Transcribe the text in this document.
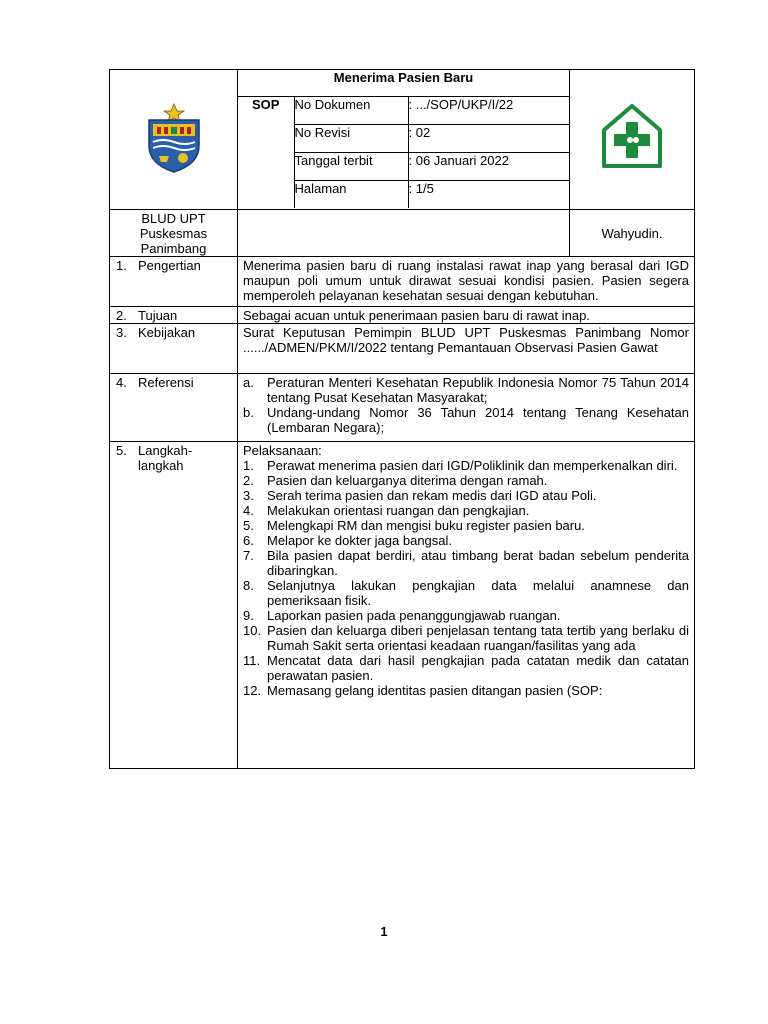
Menerima Pasien Baru
SOP	No Dokumen	: .../SOP/UKP/I/22
No Revisi	: 02
Tanggal terbit	: 06 Januari 2022
Halaman	: 1/5

BLUD UPT
Puskesmas
Panimbang
		Wahyudin.
1. Pengertian	Menerima pasien baru di ruang instalasi rawat inap yang berasal dari IGD maupun poli umum untuk dirawat sesuai kondisi pasien. Pasien segera memperoleh pelayanan kesehatan sesuai dengan kebutuhan.
2. Tujuan	Sebagai acuan untuk penerimaan pasien baru di rawat inap.
3. Kebijakan	Surat Keputusan Pemimpin BLUD UPT Puskesmas Panimbang Nomor ....../ADMEN/PKM/I/2022 tentang Pemantauan Observasi Pasien Gawat
4. Referensi	a.	Peraturan Menteri Kesehatan Republik Indonesia Nomor 75 Tahun 2014 tentang Pusat Kesehatan Masyarakat;
b.	Undang-undang Nomor 36 Tahun 2014 tentang Tenang Kesehatan (Lembaran Negara);

5. Langkah-
langkah

Pelaksanaan:
1.	Perawat menerima pasien dari IGD/Poliklinik dan memperkenalkan diri.
2.	Pasien dan keluarganya diterima dengan ramah.
3.	Serah terima pasien dan rekam medis dari IGD atau Poli.
4.	Melakukan orientasi ruangan dan pengkajian.
5.	Melengkapi RM dan mengisi buku register pasien baru.
6.	Melapor ke dokter jaga bangsal.
7.	Bila pasien dapat berdiri, atau timbang berat badan sebelum penderita dibaringkan.
8.	Selanjutnya lakukan pengkajian data melalui anamnese dan pemeriksaan fisik.
9.	Laporkan pasien pada penanggungjawab ruangan.
10. Pasien dan keluarga diberi penjelasan tentang tata tertib yang berlaku di Rumah Sakit serta orientasi keadaan ruangan/fasilitas yang ada
11. Mencatat data dari hasil pengkajian pada catatan medik dan catatan perawatan pasien.
12. Memasang gelang identitas pasien ditangan pasien (SOP:
1
